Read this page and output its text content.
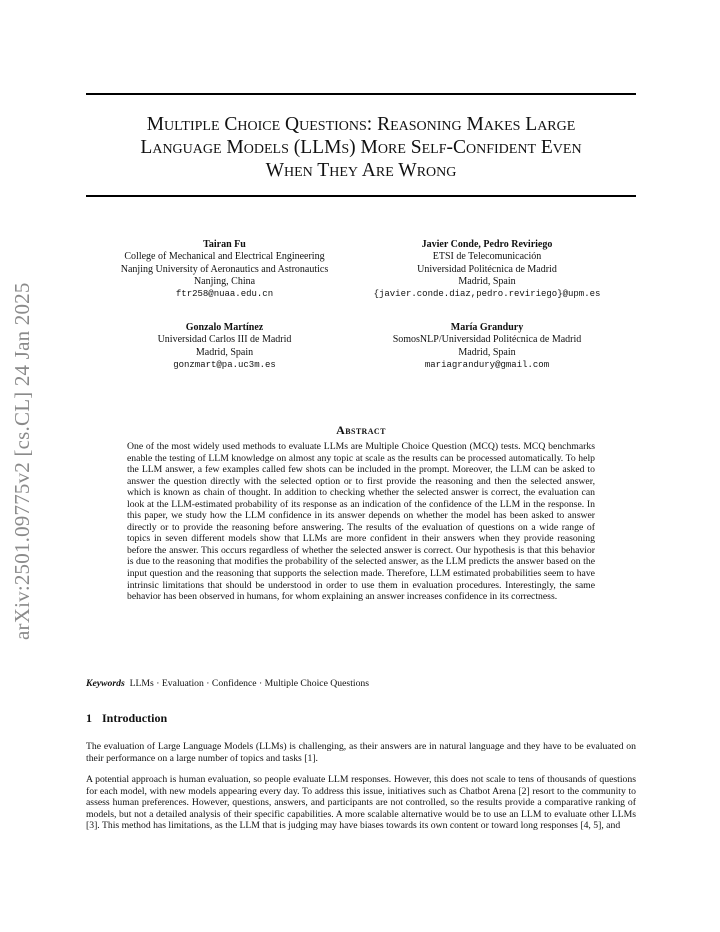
arXiv:2501.09775v2 [cs.CL] 24 Jan 2025
Multiple Choice Questions: Reasoning Makes Large
Language Models (LLMs) More Self-Confident Even
When They Are Wrong
Tairan Fu
College of Mechanical and Electrical Engineering
Nanjing University of Aeronautics and Astronautics
Nanjing, China
ftr258@nuaa.edu.cn
Javier Conde, Pedro Reviriego
ETSI de Telecomunicación
Universidad Politécnica de Madrid
Madrid, Spain
{javier.conde.diaz,pedro.reviriego}@upm.es
Gonzalo Martínez
Universidad Carlos III de Madrid
Madrid, Spain
gonzmart@pa.uc3m.es
María Grandury
SomosNLP/Universidad Politécnica de Madrid
Madrid, Spain
mariagrandury@gmail.com
Abstract
One of the most widely used methods to evaluate LLMs are Multiple Choice Question (MCQ) tests. MCQ benchmarks enable the testing of LLM knowledge on almost any topic at scale as the results can be processed automatically. To help the LLM answer, a few examples called few shots can be included in the prompt. Moreover, the LLM can be asked to answer the question directly with the selected option or to first provide the reasoning and then the selected answer, which is known as chain of thought. In addition to checking whether the selected answer is correct, the evaluation can look at the LLM-estimated probability of its response as an indication of the confidence of the LLM in the response. In this paper, we study how the LLM confidence in its answer depends on whether the model has been asked to answer directly or to provide the reasoning before answering. The results of the evaluation of questions on a wide range of topics in seven different models show that LLMs are more confident in their answers when they provide reasoning before the answer. This occurs regardless of whether the selected answer is correct. Our hypothesis is that this behavior is due to the reasoning that modifies the probability of the selected answer, as the LLM predicts the answer based on the input question and the reasoning that supports the selection made. Therefore, LLM estimated probabilities seem to have intrinsic limitations that should be understood in order to use them in evaluation procedures. Interestingly, the same behavior has been observed in humans, for whom explaining an answer increases confidence in its correctness.
Keywords LLMs · Evaluation · Confidence · Multiple Choice Questions
1 Introduction
The evaluation of Large Language Models (LLMs) is challenging, as their answers are in natural language and they have to be evaluated on their performance on a large number of topics and tasks [1].
A potential approach is human evaluation, so people evaluate LLM responses. However, this does not scale to tens of thousands of questions for each model, with new models appearing every day. To address this issue, initiatives such as Chatbot Arena [2] resort to the community to assess human preferences. However, questions, answers, and participants are not controlled, so the results provide a comparative ranking of models, but not a detailed analysis of their specific capabilities. A more scalable alternative would be to use an LLM to evaluate other LLMs [3]. This method has limitations, as the LLM that is judging may have biases towards its own content or toward long responses [4, 5], and
